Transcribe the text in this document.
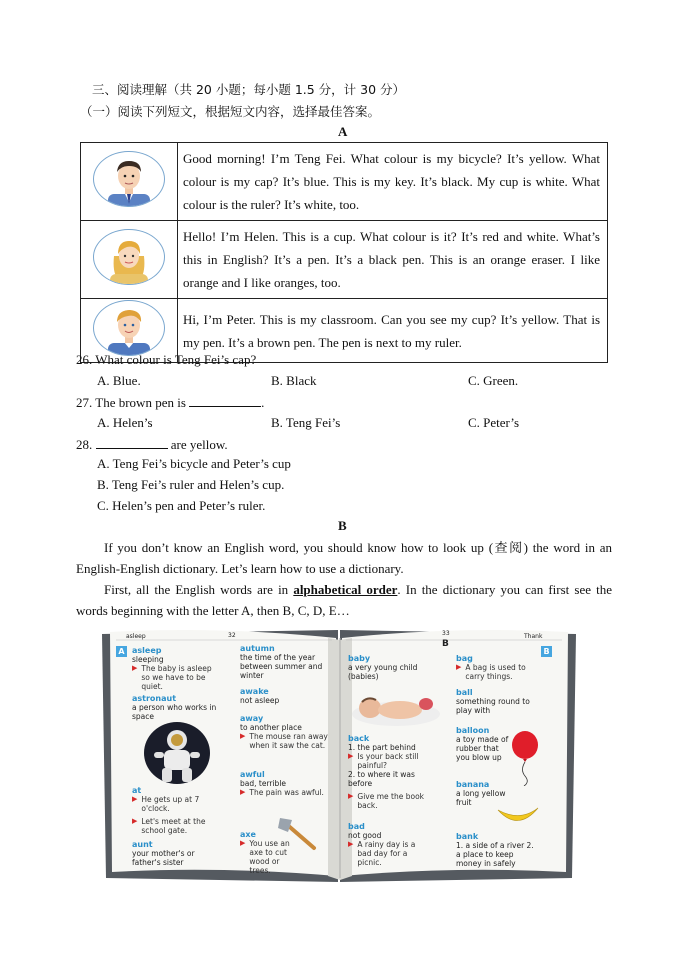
三、阅读理解（共 20 小题；每小题 1.5 分，计 30 分）
（一）阅读下列短文，根据短文内容，选择最佳答案。
A
	Good morning! I’m Teng Fei. What colour is my bicycle? It’s yellow. What colour is my cap? It’s blue. This is my key. It’s black. My cup is white. What colour is the ruler? It’s white, too.
	Hello! I’m Helen. This is a cup. What colour is it? It’s red and white. What’s this in English? It’s a pen. It’s a black pen. This is an orange eraser. I like orange and I like oranges, too.
	Hi, I’m Peter. This is my classroom. Can you see my cup? It’s yellow. That is my pen. It’s a brown pen. The pen is next to my ruler.
26. What colour is Teng Fei’s cap?
A. Blue.	B. Black	C. Green.
27. The brown pen is	.
A. Helen’s	B. Teng Fei’s	C. Peter’s
28.	are yellow.
A. Teng Fei’s bicycle and Peter’s cup
B. Teng Fei’s ruler and Helen’s cup.
C. Helen’s pen and Peter’s ruler.
B
If you don’t know an English word, you should know how to look up (查阅) the word in an English-English dictionary. Let’s learn how to use a dictionary.
First, all the English words are in alphabetical order. In the dictionary you can first see the words beginning with the letter A, then B, C, D, E…
asleep	32	33	Thank
B
A	B
asleep
sleeping
▶ The baby is asleep so we have to be quiet.
astronaut
a person who works in space
at
▶ He gets up at 7 o'clock.
▶ Let's meet at the school gate.
aunt
your mother's or father's sister
autumn
the time of the year between summer and winter
awake
not asleep
away
to another place
▶ The mouse ran away when it saw the cat.
awful
bad, terrible
▶ The pain was awful.
axe
▶ You use an axe to cut wood or trees.
baby
a very young child (babies)
back
1. the part behind
▶ Is your back still painful?
2. to where it was before
▶ Give me the book back.
bad
not good
▶ A rainy day is a bad day for a picnic.
bag
▶ A bag is used to carry things.
ball
something round to play with
balloon
a toy made of rubber that you blow up
banana
a long yellow fruit
bank
1. a side of a river 2. a place to keep money in safely
